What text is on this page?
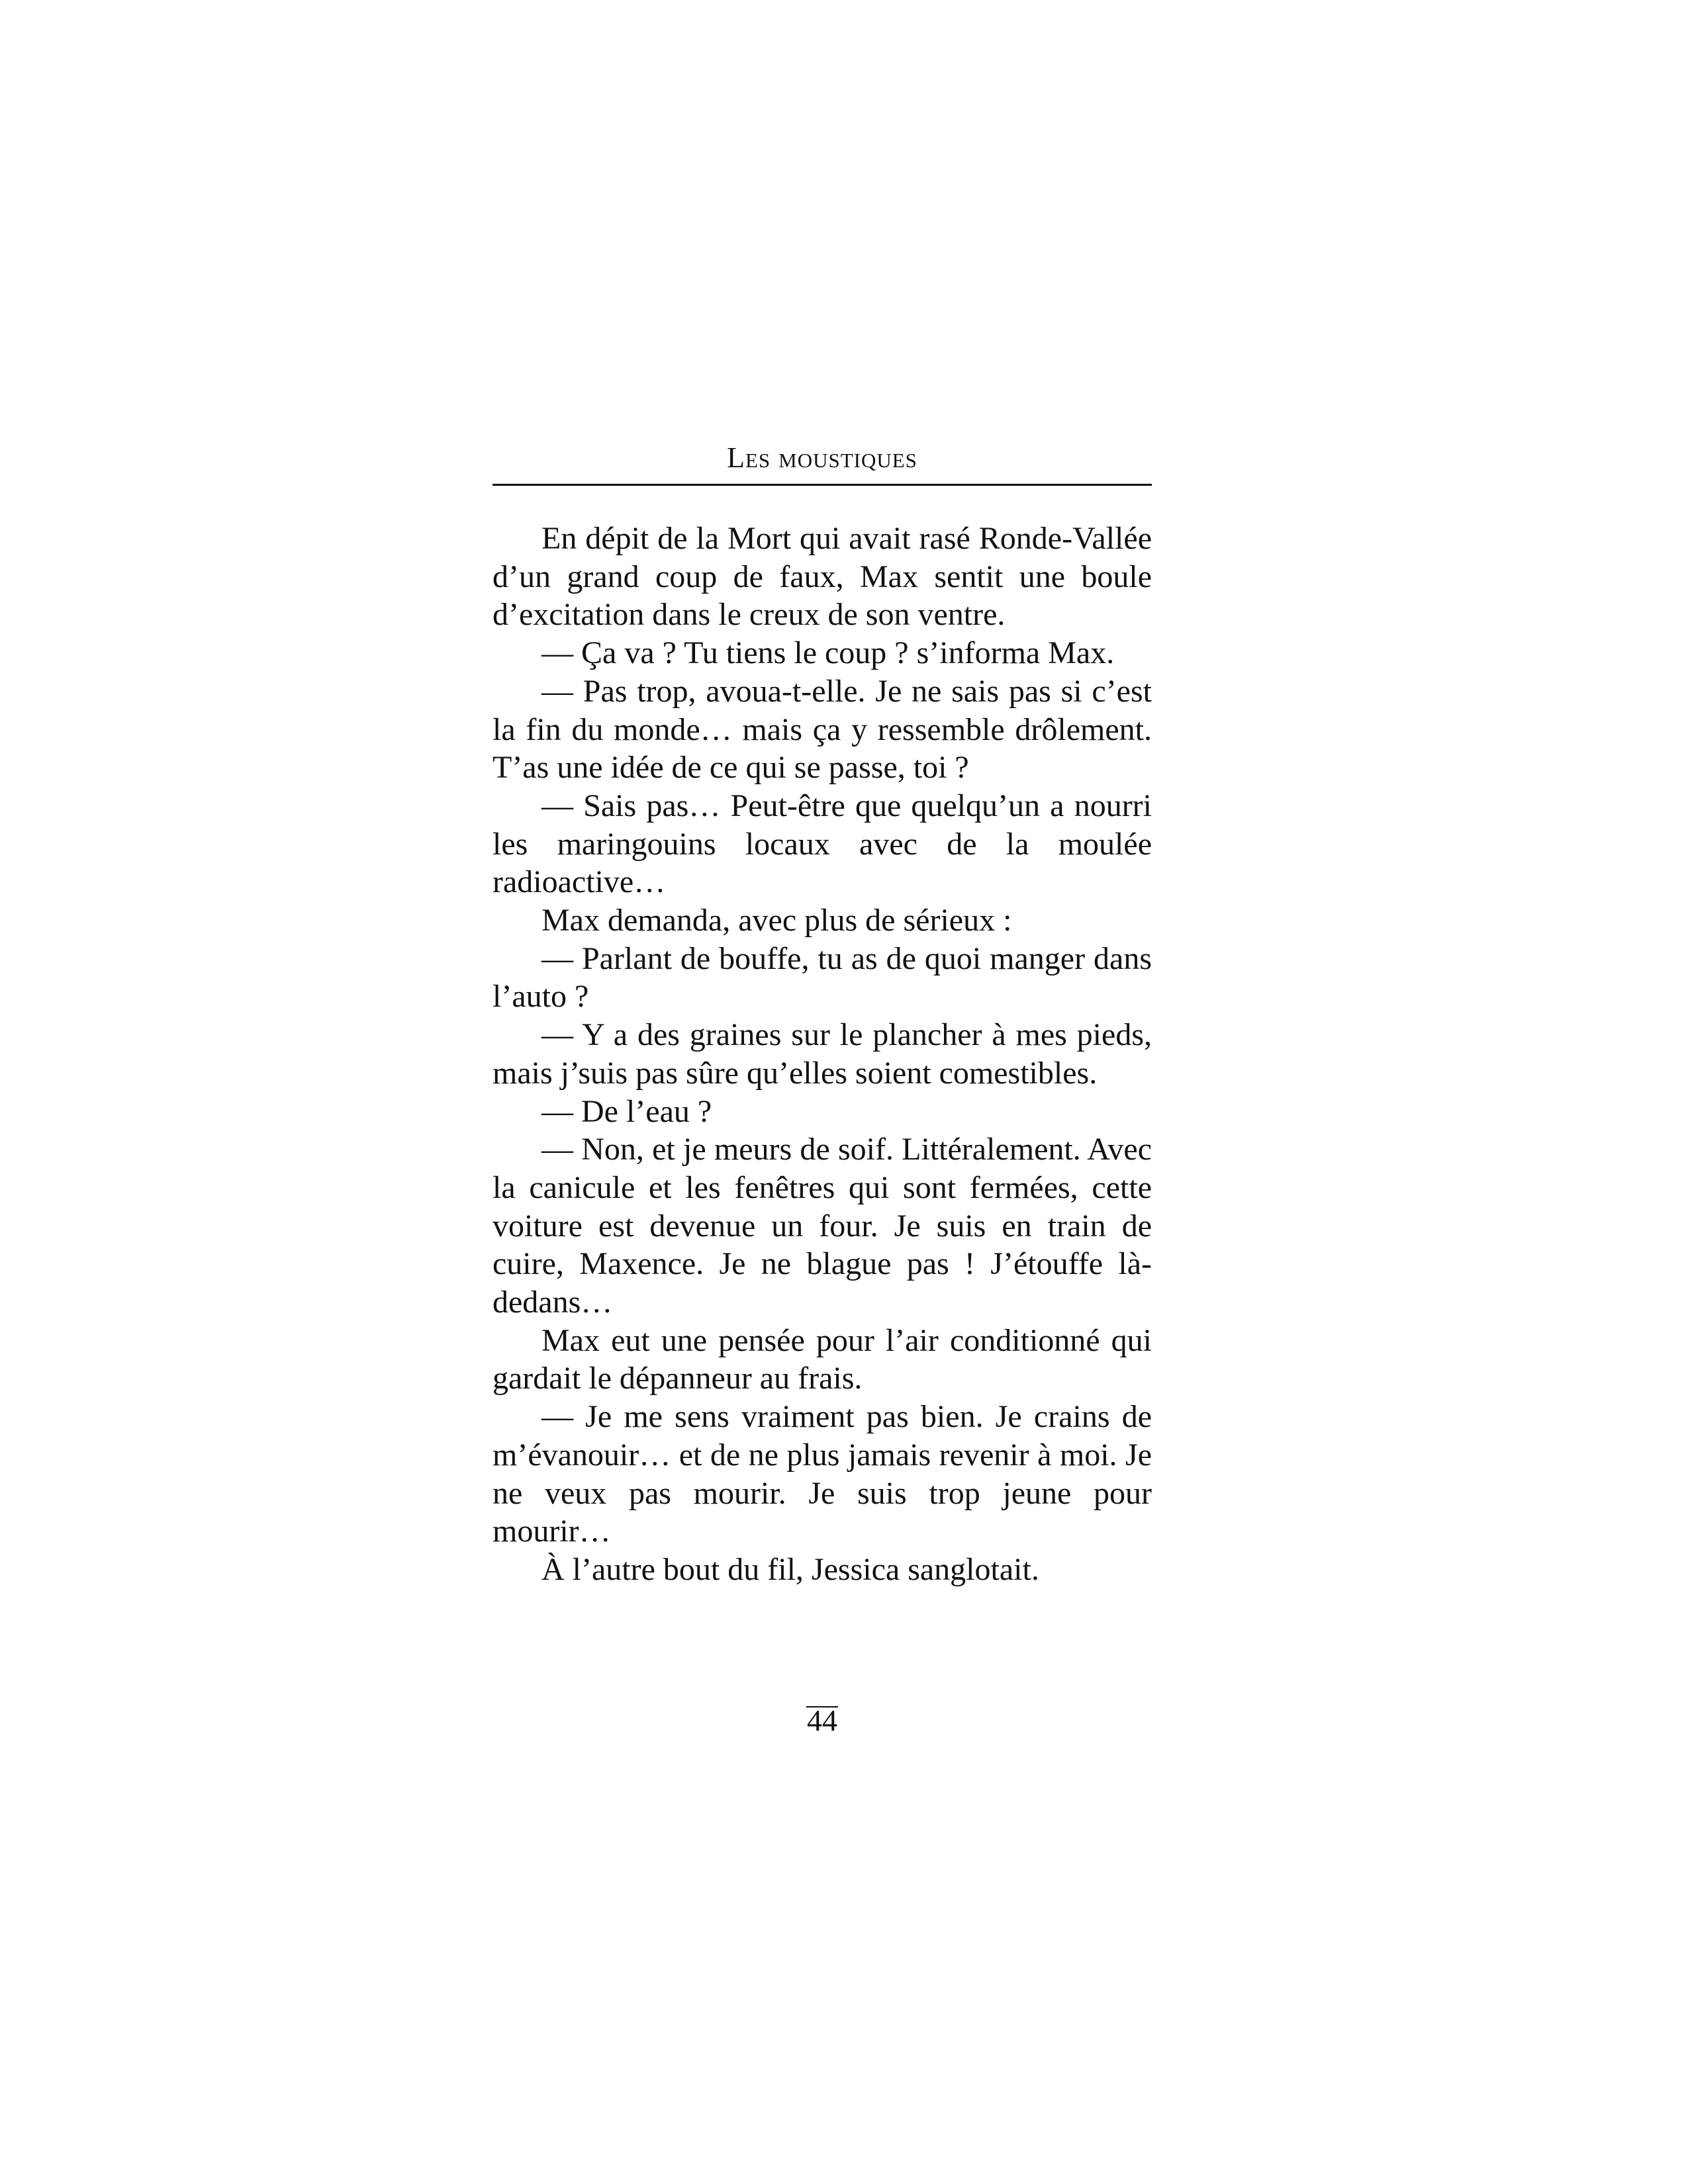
Les moustiques

En dépit de la Mort qui avait rasé Ronde-Vallée d’un grand coup de faux, Max sentit une boule d’excitation dans le creux de son ventre.

— Ça va ? Tu tiens le coup ? s’informa Max.

— Pas trop, avoua-t-elle. Je ne sais pas si c’est la fin du monde… mais ça y ressemble drôlement. T’as une idée de ce qui se passe, toi ?

— Sais pas… Peut-être que quelqu’un a nourri les maringouins locaux avec de la moulée radioactive…

Max demanda, avec plus de sérieux :

— Parlant de bouffe, tu as de quoi manger dans l’auto ?

— Y a des graines sur le plancher à mes pieds, mais j’suis pas sûre qu’elles soient comestibles.

— De l’eau ?

— Non, et je meurs de soif. Littéralement. Avec la canicule et les fenêtres qui sont fermées, cette voiture est devenue un four. Je suis en train de cuire, Maxence. Je ne blague pas ! J’étouffe là-dedans…

Max eut une pensée pour l’air conditionné qui gardait le dépanneur au frais.

— Je me sens vraiment pas bien. Je crains de m’évanouir… et de ne plus jamais revenir à moi. Je ne veux pas mourir. Je suis trop jeune pour mourir…

À l’autre bout du fil, Jessica sanglotait.

44
